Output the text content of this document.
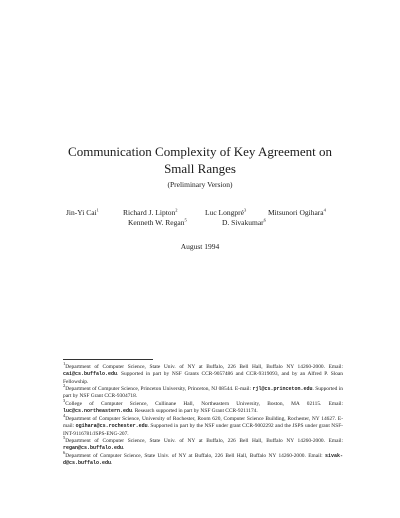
Communication Complexity of Key Agreement on
Small Ranges
(Preliminary Version)
Jin-Yi Cai$^1$	Richard J. Lipton$^2$	Luc Longpré$^3$	Mitsunori Ogihara$^4$
Kenneth W. Regan$^5$	D. Sivakumar$^6$
August 1994
$^1$Department of Computer Science, State Univ. of NY at Buffalo, 226 Bell Hall, Buffalo NY 14260-2000. Email: cai@cs.buffalo.edu. Supported in part by NSF Grants CCR-9057486 and CCR-9319093, and by an Alfred P. Sloan Fellowship.
$^2$Department of Computer Science, Princeton University, Princeton, NJ 08544. E-mail: rjl@cs.princeton.edu. Supported in part by NSF Grant CCR-9304718.
$^3$College of Computer Science, Cullinane Hall, Northeastern University, Boston, MA 02115. Email: luc@cs.northeastern.edu. Research supported in part by NSF Grant CCR-9211174.
$^4$Department of Computer Science, University of Rochester, Room 620, Computer Science Building, Rochester, NY 14627. E-mail: ogihara@cs.rochester.edu. Supported in part by the NSF under grant CCR-9002292 and the JSPS under grant NSF-INT-9116781/JSPS-ENG-207.
$^5$Department of Computer Science, State Univ. of NY at Buffalo, 226 Bell Hall, Buffalo NY 14260-2000. Email: regan@cs.buffalo.edu.
$^6$Department of Computer Science, State Univ. of NY at Buffalo, 226 Bell Hall, Buffalo NY 14260-2000. Email: sivak-d@cs.buffalo.edu.
